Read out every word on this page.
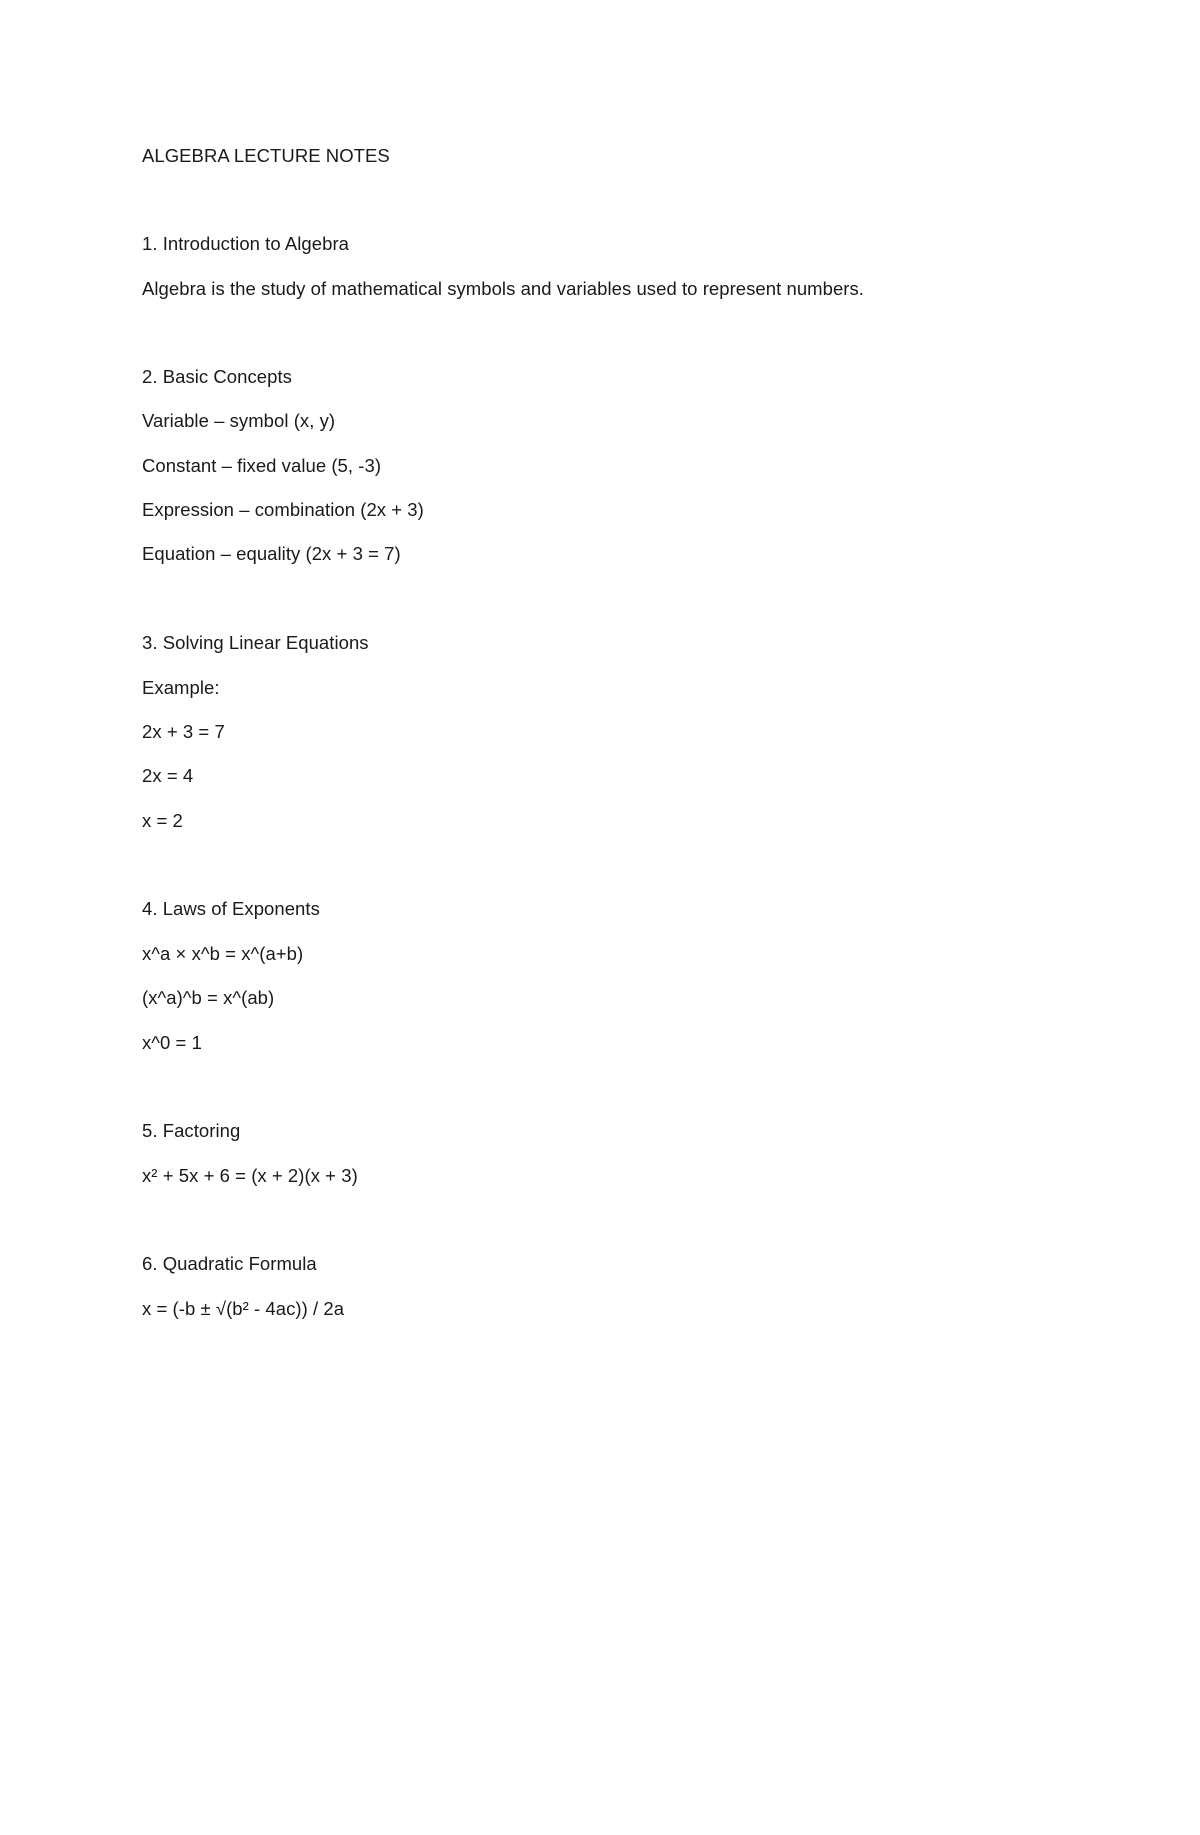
ALGEBRA LECTURE NOTES
1. Introduction to Algebra
Algebra is the study of mathematical symbols and variables used to represent numbers.
2. Basic Concepts
Variable – symbol (x, y)
Constant – fixed value (5, -3)
Expression – combination (2x + 3)
Equation – equality (2x + 3 = 7)
3. Solving Linear Equations
Example:
2x + 3 = 7
2x = 4
x = 2
4. Laws of Exponents
x^a × x^b = x^(a+b)
(x^a)^b = x^(ab)
x^0 = 1
5. Factoring
x² + 5x + 6 = (x + 2)(x + 3)
6. Quadratic Formula
x = (-b ± √(b² - 4ac)) / 2a
